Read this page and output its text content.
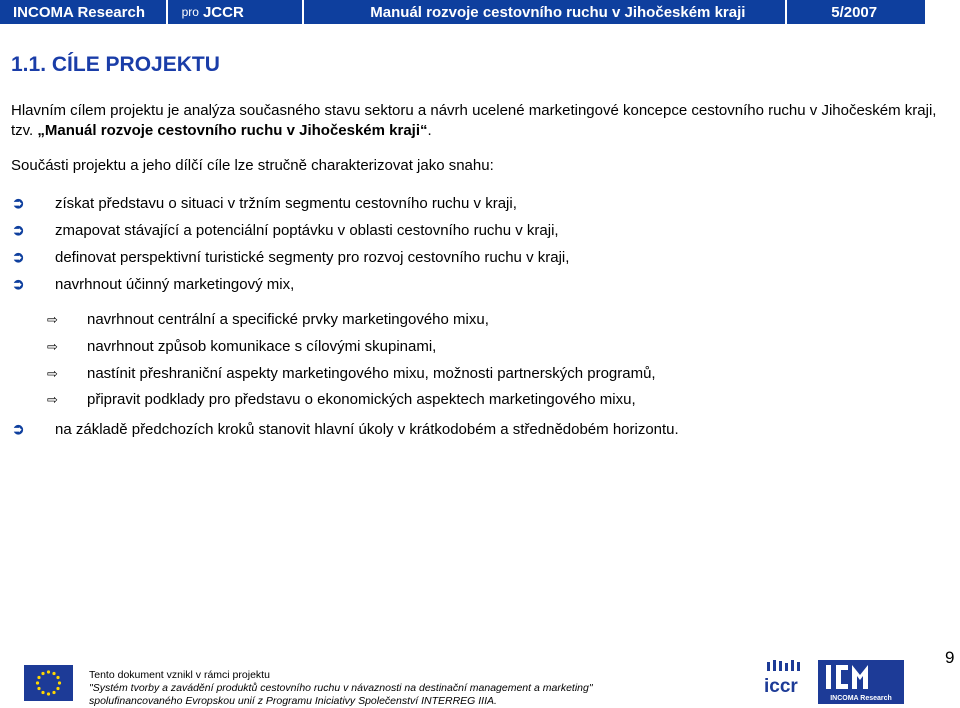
INCOMA Research	pro JCCR	Manuál rozvoje cestovního ruchu v Jihočeském kraji	5/2007
1.1. CÍLE PROJEKTU

Hlavním cílem projektu je analýza současného stavu sektoru a návrh ucelené marketingové koncepce cestovního ruchu v Jihočeském kraji, tzv. „Manuál rozvoje cestovního ruchu v Jihočeském kraji“.

Součásti projektu a jeho dílčí cíle lze stručně charakterizovat jako snahu:

➲	získat představu o situaci v tržním segmentu cestovního ruchu v kraji,
➲	zmapovat stávající a potenciální poptávku v oblasti cestovního ruchu v kraji,
➲	definovat perspektivní turistické segmenty pro rozvoj cestovního ruchu v kraji,
➲	navrhnout účinný marketingový mix,
⇨	navrhnout centrální a specifické prvky marketingového mixu,
⇨	navrhnout způsob komunikace s cílovými skupinami,
⇨	nastínit přeshraniční aspekty marketingového mixu, možnosti partnerských programů,
⇨	připravit podklady pro představu o ekonomických aspektech marketingového mixu,
➲	na základě předchozích kroků stanovit hlavní úkoly v krátkodobém a střednědobém horizontu.
9
Tento dokument vznikl v rámci projektu
"Systém tvorby a zavádění produktů cestovního ruchu v návaznosti na destinační management a marketing"
spolufinancovaného Evropskou unií z Programu Iniciativy Společenství INTERREG IIIA.
iccr
INCOMA Research
